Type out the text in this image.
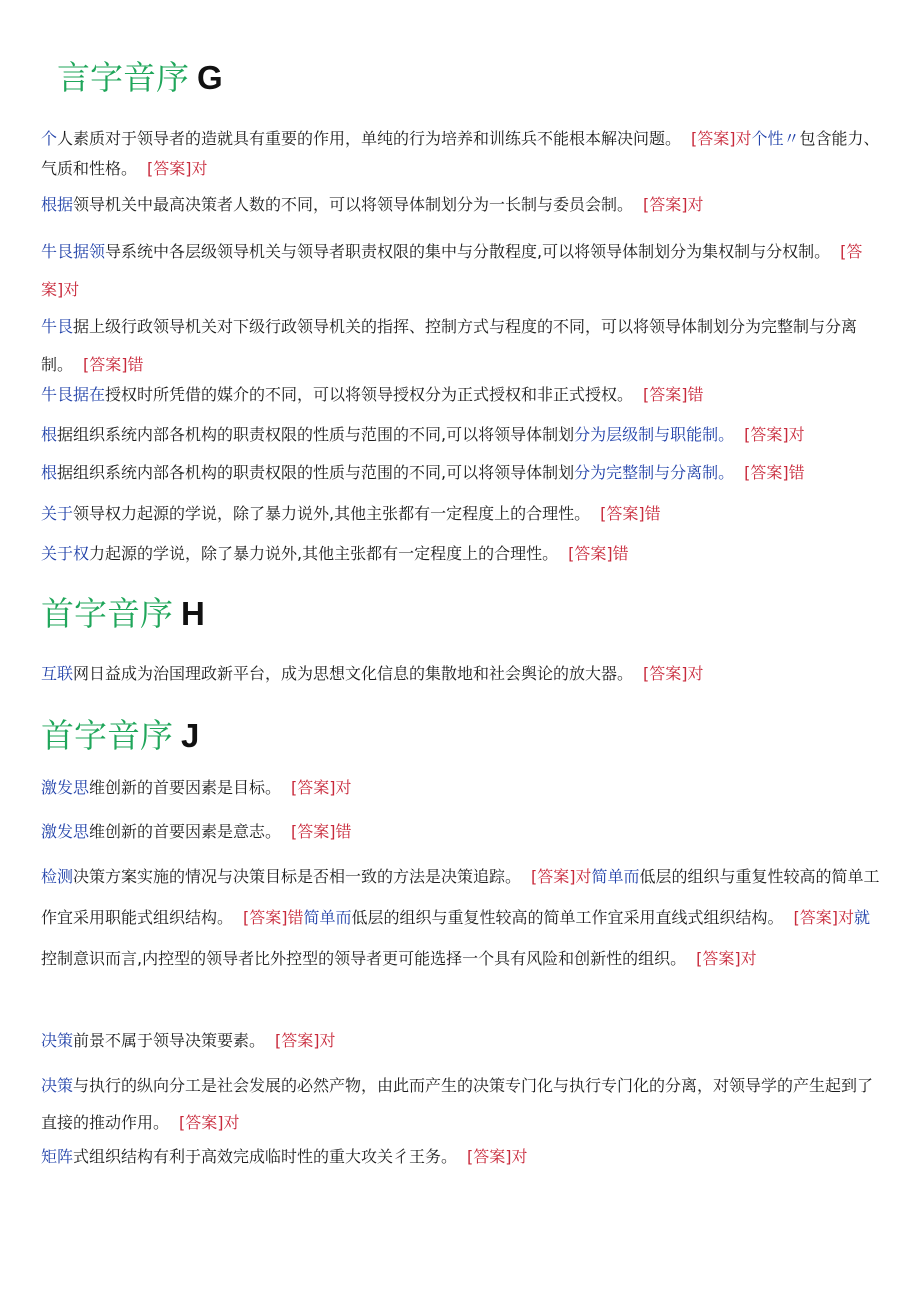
言字音序 G
个人素质对于领导者的造就具有重要的作用，单纯的行为培养和训练兵不能根本解决问题。 [答案]对个性〃包含能力、气质和性格。 [答案]对
根据领导机关中最高决策者人数的不同，可以将领导体制划分为一长制与委员会制。 [答案]对
牛艮据领导系统中各层级领导机关与领导者职责权限的集中与分散程度,可以将领导体制划分为集权制与分权制。 [答案]对
牛艮据上级行政领导机关对下级行政领导机关的指挥、控制方式与程度的不同，可以将领导体制划分为完整制与分离制。 [答案]错
牛艮据在授权时所凭借的媒介的不同，可以将领导授权分为正式授权和非正式授权。 [答案]错
根据组织系统内部各机构的职责权限的性质与范围的不同,可以将领导体制划分为层级制与职能制。 [答案]对
根据组织系统内部各机构的职责权限的性质与范围的不同,可以将领导体制划分为完整制与分离制。 [答案]错
关于领导权力起源的学说，除了暴力说外,其他主张都有一定程度上的合理性。 [答案]错
关于权力起源的学说，除了暴力说外,其他主张都有一定程度上的合理性。 [答案]错
首字音序 H
互联网日益成为治国理政新平台，成为思想文化信息的集散地和社会舆论的放大器。 [答案]对
首字音序 J
激发思维创新的首要因素是目标。 [答案]对
激发思维创新的首要因素是意志。 [答案]错
检测决策方案实施的情况与决策目标是否相一致的方法是决策追踪。 [答案]对简单而低层的组织与重复性较高的简单工作宜采用职能式组织结构。 [答案]错简单而低层的组织与重复性较高的简单工作宜采用直线式组织结构。 [答案]对就控制意识而言,内控型的领导者比外控型的领导者更可能选择一个具有风险和创新性的组织。 [答案]对
决策前景不属于领导决策要素。 [答案]对
决策与执行的纵向分工是社会发展的必然产物，由此而产生的决策专门化与执行专门化的分离，对领导学的产生起到了直接的推动作用。 [答案]对
矩阵式组织结构有利于高效完成临时性的重大攻关彳王务。 [答案]对
